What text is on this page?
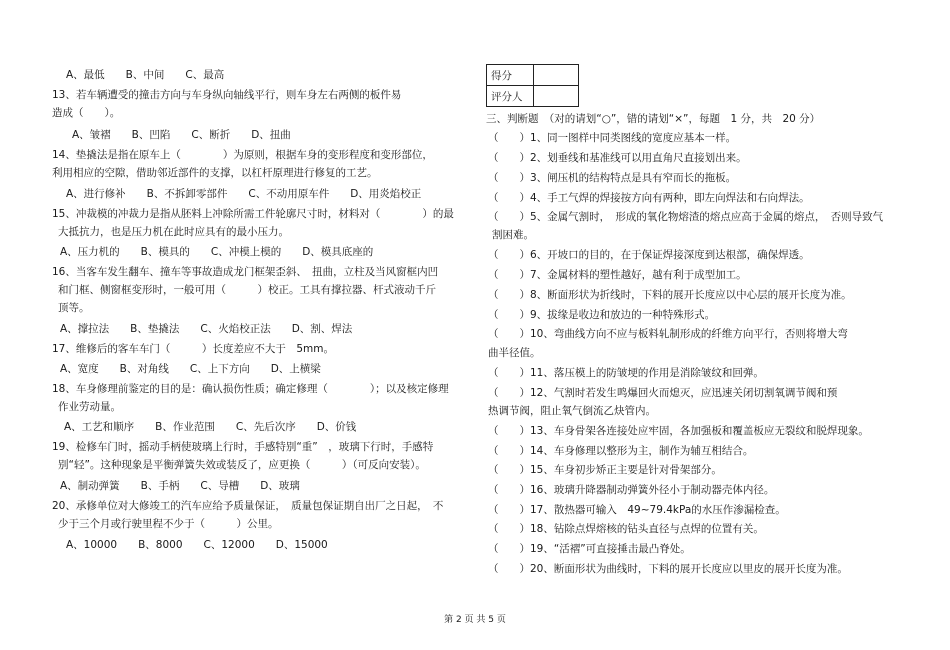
A、最低　　B、中间　　C、最高
13、若车辆遭受的撞击方向与车身纵向轴线平行，则车身左右两侧的板件易
造成（　　）。
A、皱褶　　B、凹陷　　C、断折　　D、扭曲
14、垫撬法是指在原车上（　　　　）为原则，根据车身的变形程度和变形部位，
利用相应的空隙，借助邻近部件的支撑，以杠杆原理进行修复的工艺。
A、进行修补　　B、不拆卸零部件　　C、不动用原车件　　D、用炎焰校正
15、冲裁模的冲裁力是指从胚料上冲除所需工件轮廓尺寸时，材料对（　　　　）的最
大抵抗力，也是压力机在此时应具有的最小压力。
A、压力机的　　B、模具的　　C、冲模上模的　　D、模具底座的
16、当客车发生翻车、撞车等事故造成龙门框架歪斜、　扭曲，立柱及当风窗框内凹
和门框、侧窗框变形时，一般可用（　　　）校正。工具有撑拉器、杆式液动千斤
顶等。
A、撑拉法　　B、垫撬法　　C、火焰校正法　　D、割、焊法
17、维修后的客车车门（　　　）长度差应不大于　5mm。
A、宽度　　B、对角线　　C、上下方向　　D、上横梁
18、车身修理前鉴定的目的是：确认损伤性质；确定修理（　　　　）；以及核定修理
作业劳动量。
A、工艺和顺序　　B、作业范围　　C、先后次序　　D、价钱
19、检修车门时，摇动手柄使玻璃上行时，手感特别“重”　，玻璃下行时，手感特
别“轻”。这种现象是平衡弹簧失效或装反了，应更换（　　　）（可反向安装）。
A、制动弹簧　　B、手柄　　C、导槽　　D、玻璃
20、承修单位对大修竣工的汽车应给予质量保证，　质量包保证期自出厂之日起，　不
少于三个月或行驶里程不少于（　　　）公里。
A、10000　　B、8000　　C、12000　　D、15000
得分	
评分人	
三、判断题　（对的请划“○”，错的请划“×”，每题　1 分，共　20 分）
（　　）1、同一图样中同类图线的宽度应基本一样。
（　　）2、划垂线和基准线可以用直角尺直接划出来。
（　　）3、闸压机的结构特点是具有窄而长的拖板。
（　　）4、手工气焊的焊接按方向有两种，即左向焊法和右向焊法。
（　　）5、金属气割时，　形成的氧化物熔渣的熔点应高于金属的熔点，　否则导致气
割困难。
（　　）6、开坡口的目的，在于保证焊接深度到达根部，确保焊透。
（　　）7、金属材料的塑性越好，越有利于成型加工。
（　　）8、断面形状为折线时，下料的展开长度应以中心层的展开长度为准。
（　　）9、拔缘是收边和放边的一种特殊形式。
（　　）10、弯曲线方向不应与板料轧制形成的纤维方向平行，否则将增大弯
曲半径值。
（　　）11、落压模上的防皱埂的作用是消除皱纹和回弹。
（　　）12、气割时若发生鸣爆回火而熄灭，应迅速关闭切割氧调节阀和预
热调节阀，阻止氧气倒流乙炔管内。
（　　）13、车身骨架各连接处应牢固，各加强板和覆盖板应无裂纹和脱焊现象。
（　　）14、车身修理以整形为主，制作为辅互相结合。
（　　）15、车身初步矫正主要是针对骨架部分。
（　　）16、玻璃升降器制动弹簧外径小于制动器壳体内径。
（　　）17、散热器可输入　49~79.4kPa的水压作渗漏检查。
（　　）18、钻除点焊熔核的钻头直径与点焊的位置有关。
（　　）19、“活褶”可直接捶击最凸脊处。
（　　）20、断面形状为曲线时，下料的展开长度应以里皮的展开长度为准。
第 2 页 共 5 页
